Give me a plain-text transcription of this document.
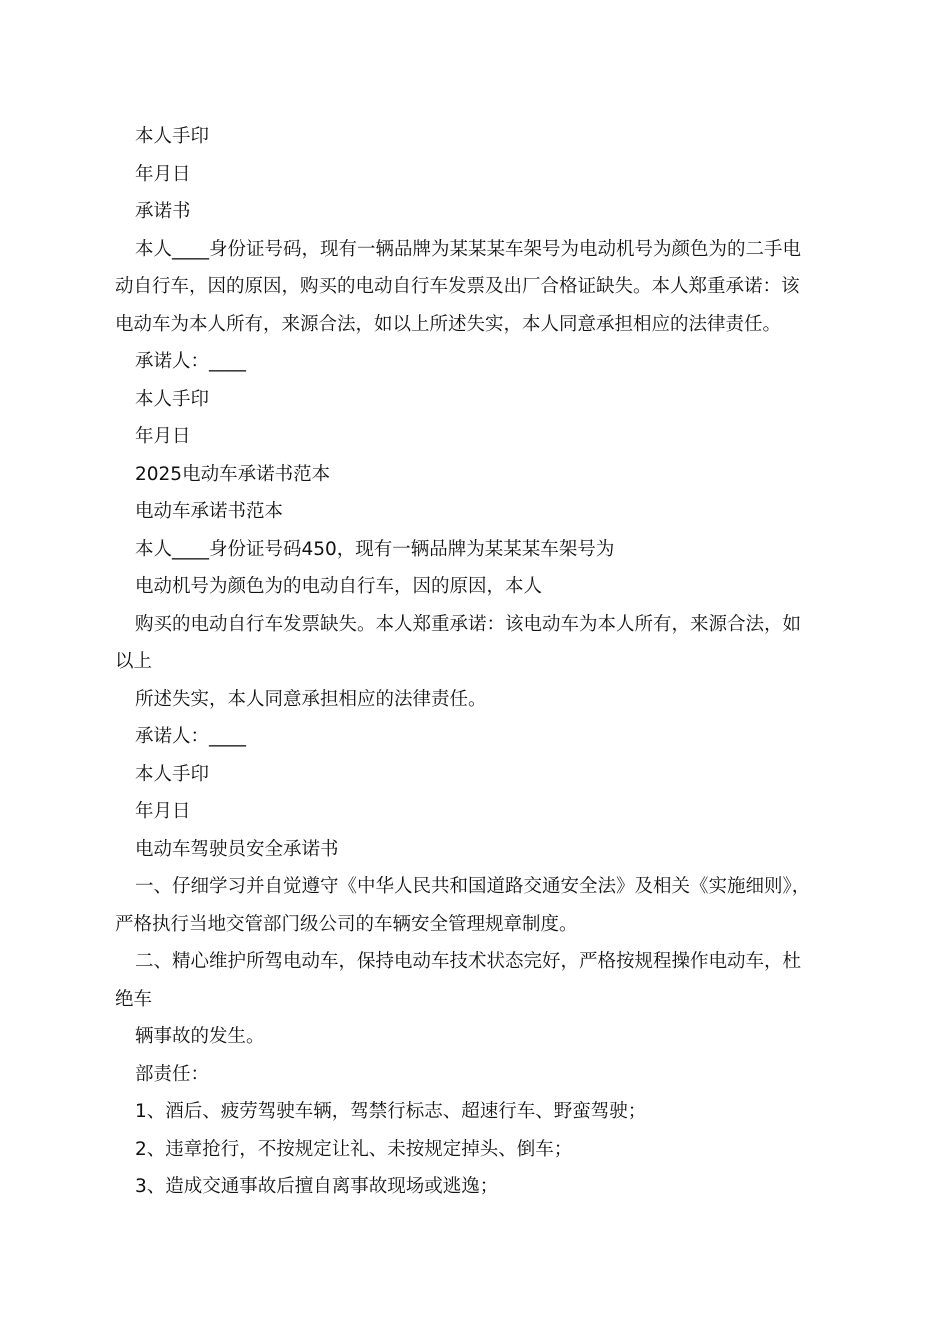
本人手印

年月日

承诺书

本人____身份证号码，现有一辆品牌为某某某车架号为电动机号为颜色为的二手电

动自行车，因的原因，购买的电动自行车发票及出厂合格证缺失。本人郑重承诺：该

电动车为本人所有，来源合法，如以上所述失实，本人同意承担相应的法律责任。

承诺人：____

本人手印

年月日

2025电动车承诺书范本

电动车承诺书范本

本人____身份证号码450，现有一辆品牌为某某某车架号为

电动机号为颜色为的电动自行车，因的原因，本人

购买的电动自行车发票缺失。本人郑重承诺：该电动车为本人所有，来源合法，如

以上

所述失实，本人同意承担相应的法律责任。

承诺人：____

本人手印

年月日

电动车驾驶员安全承诺书

一、仔细学习并自觉遵守《中华人民共和国道路交通安全法》及相关《实施细则》，

严格执行当地交管部门级公司的车辆安全管理规章制度。

二、精心维护所驾电动车，保持电动车技术状态完好，严格按规程操作电动车，杜

绝车

辆事故的发生。

部责任：

1、酒后、疲劳驾驶车辆，驾禁行标志、超速行车、野蛮驾驶；

2、违章抢行，不按规定让礼、未按规定掉头、倒车；

3、造成交通事故后擅自离事故现场或逃逸；
